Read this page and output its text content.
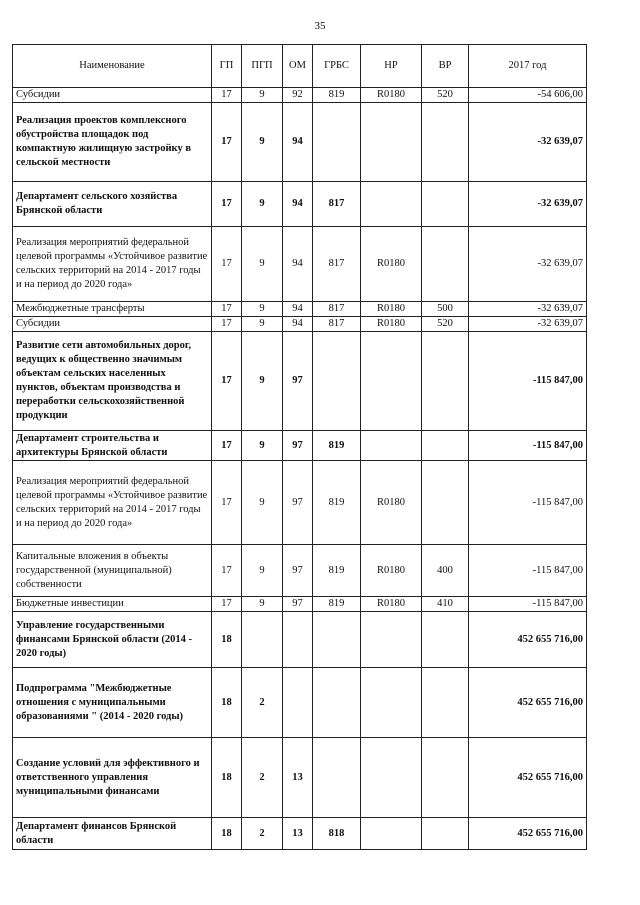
35
Наименование	ГП	ПГП	ОМ	ГРБС	НР	ВР	2017 год
Субсидии	17	9	92	819	R0180	520	-54 606,00
Реализация проектов комплексного обустройства площадок под компактную жилищную застройку в сельской местности	17	9	94				-32 639,07
Департамент сельского хозяйства Брянской области	17	9	94	817			-32 639,07
Реализация мероприятий федеральной целевой программы «Устойчивое развитие сельских территорий на 2014 - 2017 годы и на период до 2020 года»	17	9	94	817	R0180		-32 639,07
Межбюджетные трансферты	17	9	94	817	R0180	500	-32 639,07
Субсидии	17	9	94	817	R0180	520	-32 639,07
Развитие сети автомобильных дорог, ведущих к общественно значимым объектам сельских населенных пунктов, объектам производства и переработки сельскохозяйственной продукции	17	9	97				-115 847,00
Департамент строительства и архитектуры Брянской области	17	9	97	819			-115 847,00
Реализация мероприятий федеральной целевой программы «Устойчивое развитие сельских территорий на 2014 - 2017 годы и на период до 2020 года»	17	9	97	819	R0180		-115 847,00
Капитальные вложения в объекты государственной (муниципальной) собственности	17	9	97	819	R0180	400	-115 847,00
Бюджетные инвестиции	17	9	97	819	R0180	410	-115 847,00
Управление государственными финансами Брянской области (2014 - 2020 годы)	18						452 655 716,00
Подпрограмма "Межбюджетные отношения с муниципальными образованиями " (2014 - 2020 годы)	18	2					452 655 716,00
Создание условий для эффективного и ответственного управления муниципальными финансами	18	2	13				452 655 716,00
Департамент финансов Брянской области	18	2	13	818			452 655 716,00
